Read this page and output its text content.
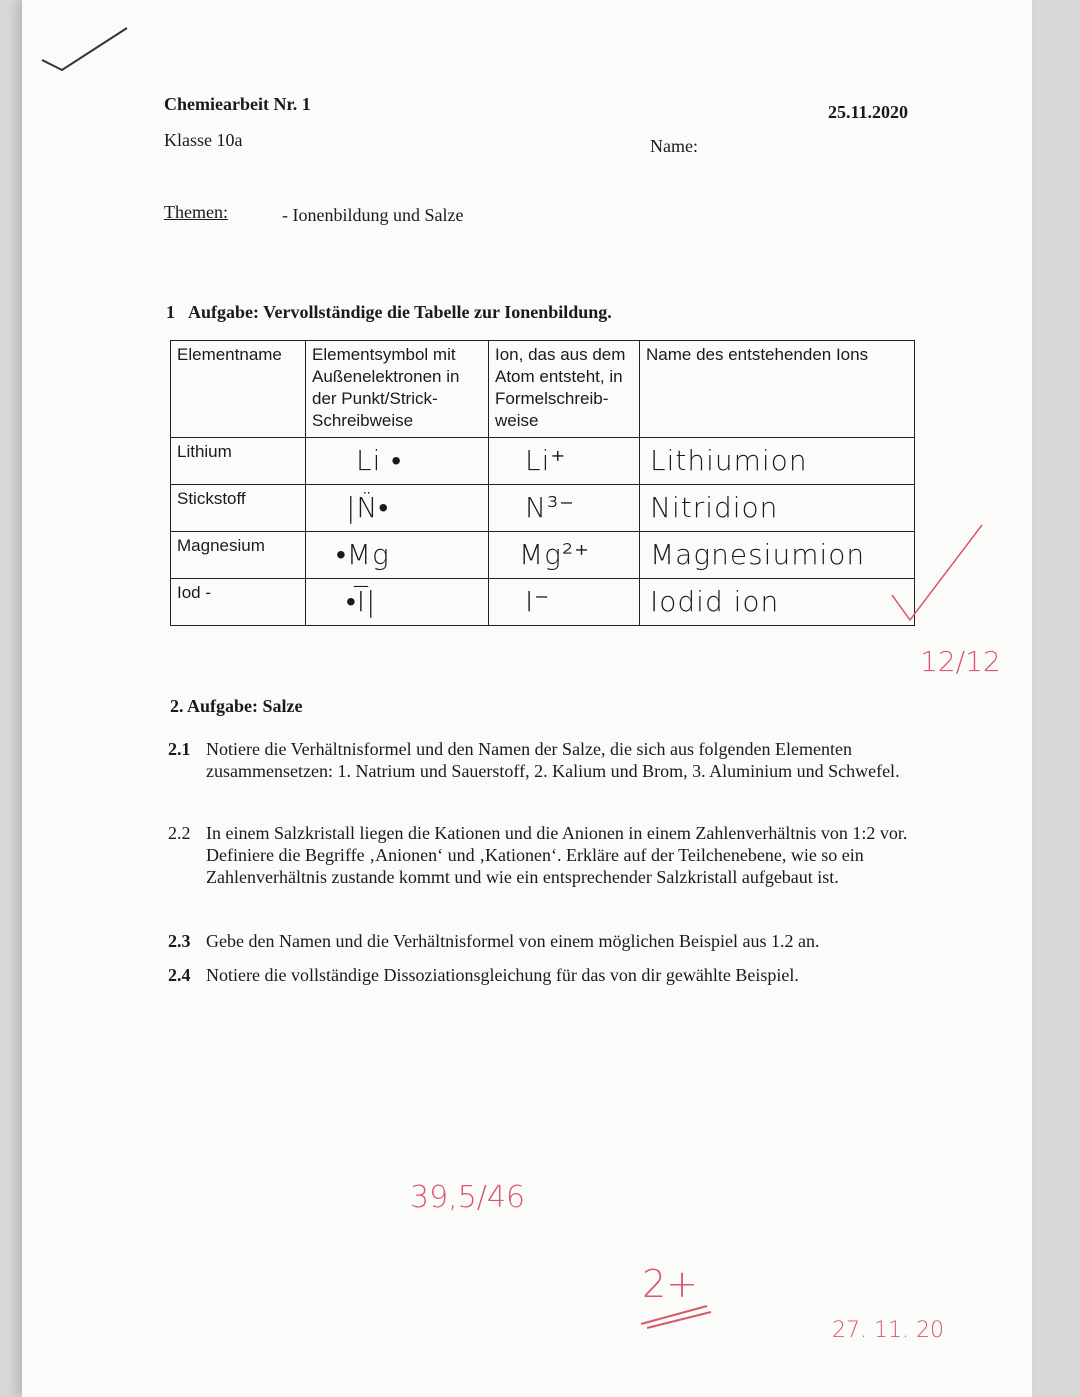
Chemiearbeit Nr. 1	25.11.2020
Klasse 10a	Name:
Themen:	- Ionenbildung und Salze
1 Aufgabe: Vervollständige die Tabelle zur Ionenbildung.
Elementname	Elementsymbol mit Außenelektronen in der Punkt/Strick-Schreibweise	Ion, das aus dem Atom entsteht, in Formelschreib-weise	Name des entstehenden Ions
Lithium	Li •	Li⁺	Lithiumion
Stickstoff	|N̈•	N³⁻	Nitridion
Magnesium	•Mg	Mg²⁺	Magnesiumion
Iod -	•I̅|	I⁻	Iodid ion
12/12
2. Aufgabe: Salze
2.1 Notiere die Verhältnisformel und den Namen der Salze, die sich aus folgenden Elementen zusammensetzen: 1. Natrium und Sauerstoff, 2. Kalium und Brom, 3. Aluminium und Schwefel.
2.2 In einem Salzkristall liegen die Kationen und die Anionen in einem Zahlenverhältnis von 1:2 vor. Definiere die Begriffe ‚Anionen‘ und ‚Kationen‘. Erkläre auf der Teilchenebene, wie so ein Zahlenverhältnis zustande kommt und wie ein entsprechender Salzkristall aufgebaut ist.
2.3 Gebe den Namen und die Verhältnisformel von einem möglichen Beispiel aus 1.2 an.
2.4 Notiere die vollständige Dissoziationsgleichung für das von dir gewählte Beispiel.
39,5/46
2+
27. 11. 20
